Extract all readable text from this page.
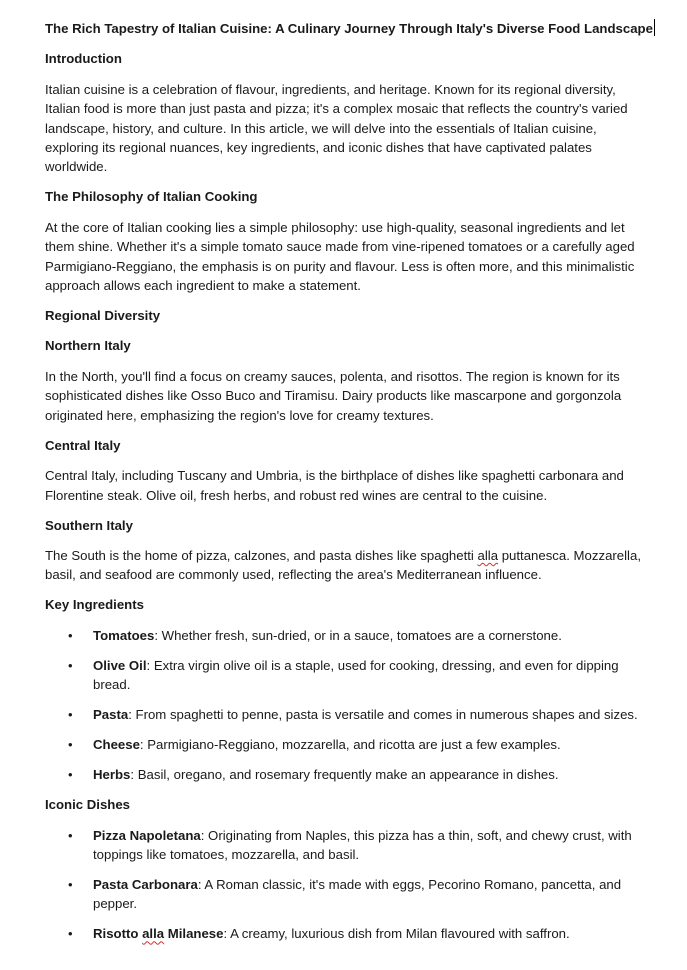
The Rich Tapestry of Italian Cuisine: A Culinary Journey Through Italy's Diverse Food Landscape

Introduction

Italian cuisine is a celebration of flavour, ingredients, and heritage. Known for its regional diversity, Italian food is more than just pasta and pizza; it's a complex mosaic that reflects the country's varied landscape, history, and culture. In this article, we will delve into the essentials of Italian cuisine, exploring its regional nuances, key ingredients, and iconic dishes that have captivated palates worldwide.

The Philosophy of Italian Cooking

At the core of Italian cooking lies a simple philosophy: use high-quality, seasonal ingredients and let them shine. Whether it's a simple tomato sauce made from vine-ripened tomatoes or a carefully aged Parmigiano-Reggiano, the emphasis is on purity and flavour. Less is often more, and this minimalistic approach allows each ingredient to make a statement.

Regional Diversity

Northern Italy

In the North, you'll find a focus on creamy sauces, polenta, and risottos. The region is known for its sophisticated dishes like Osso Buco and Tiramisu. Dairy products like mascarpone and gorgonzola originated here, emphasizing the region's love for creamy textures.

Central Italy

Central Italy, including Tuscany and Umbria, is the birthplace of dishes like spaghetti carbonara and Florentine steak. Olive oil, fresh herbs, and robust red wines are central to the cuisine.

Southern Italy

The South is the home of pizza, calzones, and pasta dishes like spaghetti alla puttanesca. Mozzarella, basil, and seafood are commonly used, reflecting the area's Mediterranean influence.

Key Ingredients

• Tomatoes: Whether fresh, sun-dried, or in a sauce, tomatoes are a cornerstone.
• Olive Oil: Extra virgin olive oil is a staple, used for cooking, dressing, and even for dipping bread.
• Pasta: From spaghetti to penne, pasta is versatile and comes in numerous shapes and sizes.
• Cheese: Parmigiano-Reggiano, mozzarella, and ricotta are just a few examples.
• Herbs: Basil, oregano, and rosemary frequently make an appearance in dishes.

Iconic Dishes

• Pizza Napoletana: Originating from Naples, this pizza has a thin, soft, and chewy crust, with toppings like tomatoes, mozzarella, and basil.
• Pasta Carbonara: A Roman classic, it's made with eggs, Pecorino Romano, pancetta, and pepper.
• Risotto alla Milanese: A creamy, luxurious dish from Milan flavoured with saffron.
